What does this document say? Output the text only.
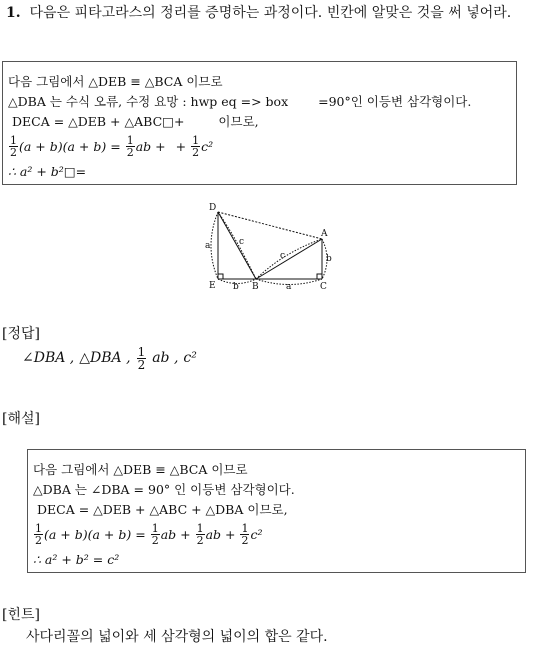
1. 다음은 피타고라스의 정리를 증명하는 과정이다. 빈칸에 알맞은 것을 써 넣어라.
다음 그림에서 △DEB ≡ △BCA 이므로
△DBA 는 수식 오류, 수정 요망 : hwp eq => box =90°인 이등변 삼각형이다.

DECA = △DEB + △ABC□+	이므로,
$\frac{1}{2} (a + b)(a + b)$ =
$\frac{1}{2}$ ab + +
$\frac{1}{2} c^2$
∴ a² + b²□=
D
A
E	B	C
a	c
c	b
b	a
[정답]
∠DBA , △DBA , $\frac{1}{2}$ ab , c²
[해설]
다음 그림에서 △DEB ≡ △BCA 이므로
△DBA 는 ∠DBA = 90° 인 이등변 삼각형이다.

DECA = △DEB + △ABC + △DBA 이므로,
$\frac{1}{2} (a + b)(a + b)$ =
$\frac{1}{2}$ ab +
$\frac{1}{2}$ ab +
$\frac{1}{2} c^2$
∴ a² + b² = c²
[힌트]
사다리꼴의 넓이와 세 삼각형의 넓이의 합은 같다.
